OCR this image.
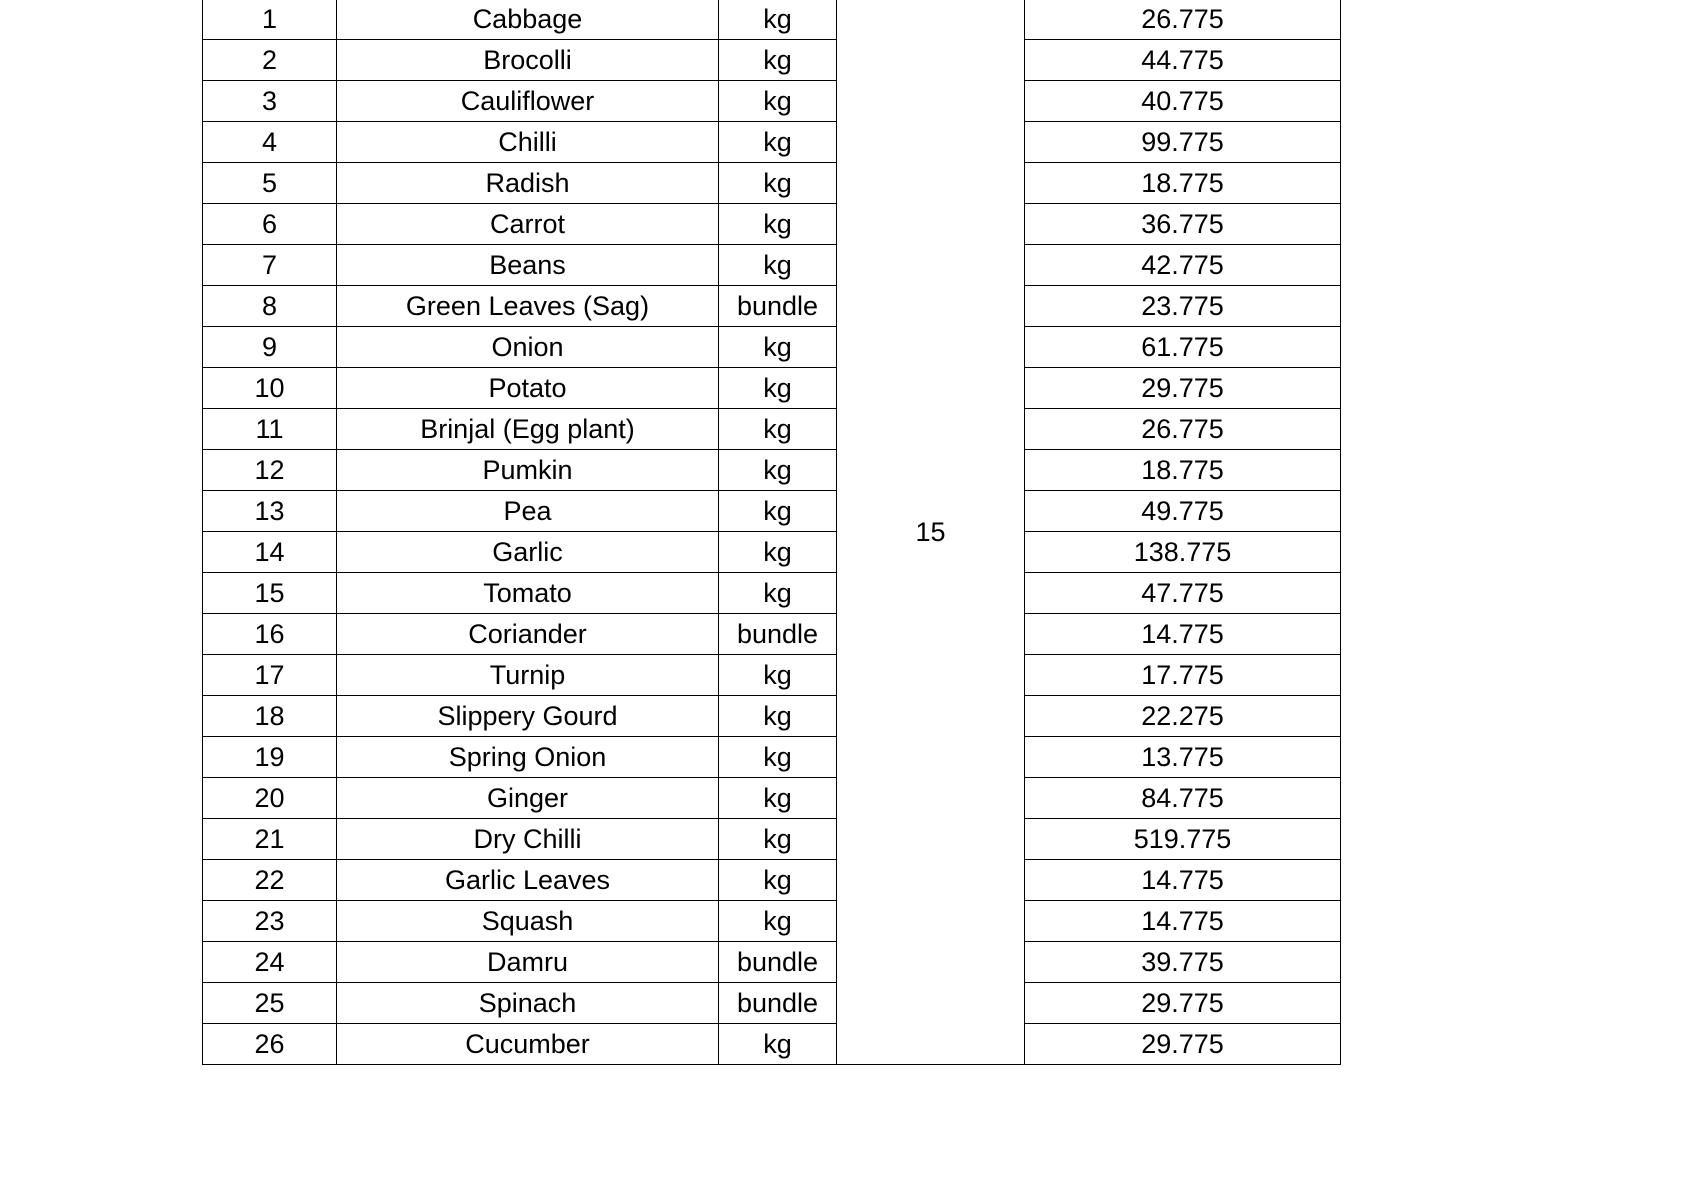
1	Cabbage	kg	15	26.775
2	Brocolli	kg		44.775
3	Cauliflower	kg		40.775
4	Chilli	kg		99.775
5	Radish	kg		18.775
6	Carrot	kg		36.775
7	Beans	kg		42.775
8	Green Leaves (Sag)	bundle		23.775
9	Onion	kg		61.775
10	Potato	kg		29.775
11	Brinjal (Egg plant)	kg		26.775
12	Pumkin	kg		18.775
13	Pea	kg		49.775
14	Garlic	kg		138.775
15	Tomato	kg		47.775
16	Coriander	bundle		14.775
17	Turnip	kg		17.775
18	Slippery Gourd	kg		22.275
19	Spring Onion	kg		13.775
20	Ginger	kg		84.775
21	Dry Chilli	kg		519.775
22	Garlic Leaves	kg		14.775
23	Squash	kg		14.775
24	Damru	bundle		39.775
25	Spinach	bundle		29.775
26	Cucumber	kg		29.775
